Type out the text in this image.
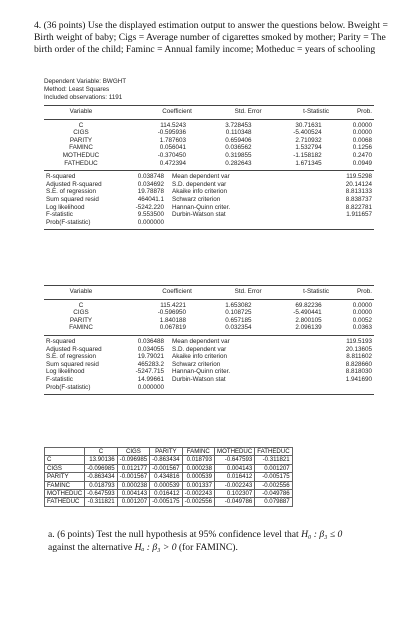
4. (36 points) Use the displayed estimation output to answer the questions below. Bweight = Birth weight of baby; Cigs = Average number of cigarettes smoked by mother; Parity = The birth order of the child; Faminc = Annual family income; Motheduc = years of schooling

Dependent Variable: BWGHT
Method: Least Squares
Included observations: 1191
Variable	Coefficient	Std. Error	t-Statistic	Prob.
C	114.5243	3.728453	30.71631	0.0000
CIGS	-0.595936	0.110348	-5.400524	0.0000
PARITY	1.787603	0.659406	2.710932	0.0068
FAMINC	0.056041	0.036562	1.532794	0.1256
MOTHEDUC	-0.370450	0.319855	-1.158182	0.2470
FATHEDUC	0.472394	0.282643	1.671345	0.0949
R-squared	0.038748	Mean dependent var	119.5298
Adjusted R-squared	0.034692	S.D. dependent var	20.14124
S.E. of regression	19.78878	Akaike info criterion	8.813133
Sum squared resid	464041.1	Schwarz criterion	8.838737
Log likelihood	-5242.220	Hannan-Quinn criter.	8.822781
F-statistic	9.553500	Durbin-Watson stat	1.911657
Prob(F-statistic)	0.000000		
Variable	Coefficient	Std. Error	t-Statistic	Prob.
C	115.4221	1.653082	69.82236	0.0000
CIGS	-0.596950	0.108725	-5.490441	0.0000
PARITY	1.840188	0.657185	2.800105	0.0052
FAMINC	0.067819	0.032354	2.096139	0.0363
R-squared	0.036488	Mean dependent var	119.5193
Adjusted R-squared	0.034055	S.D. dependent var	20.13605
S.E. of regression	19.79021	Akaike info criterion	8.811602
Sum squared resid	465283.2	Schwarz criterion	8.828660
Log likelihood	-5247.715	Hannan-Quinn criter.	8.818030
F-statistic	14.99661	Durbin-Watson stat	1.941690
Prob(F-statistic)	0.000000		
	C	CIGS	PARITY	FAMINC	MOTHEDUC	FATHEDUC
C	13.90136	-0.096985	-0.863434	0.018793	-0.647593	-0.311821
CIGS	-0.096985	0.012177	-0.001567	0.000238	0.004143	0.001207
PARITY	-0.863434	-0.001567	0.434816	0.000539	0.016412	-0.005175
FAMINC	0.018793	0.000238	0.000539	0.001337	-0.002243	-0.002556
MOTHEDUC	-0.647593	0.004143	0.016412	-0.002243	0.102307	-0.049786
FATHEDUC	-0.311821	0.001207	-0.005175	-0.002556	-0.049786	0.079887

a. (6 points) Test the null hypothesis at 95% confidence level that H₀ : β₃ ≤ 0

against the alternative Hₐ : β₃ > 0 (for FAMINC).
